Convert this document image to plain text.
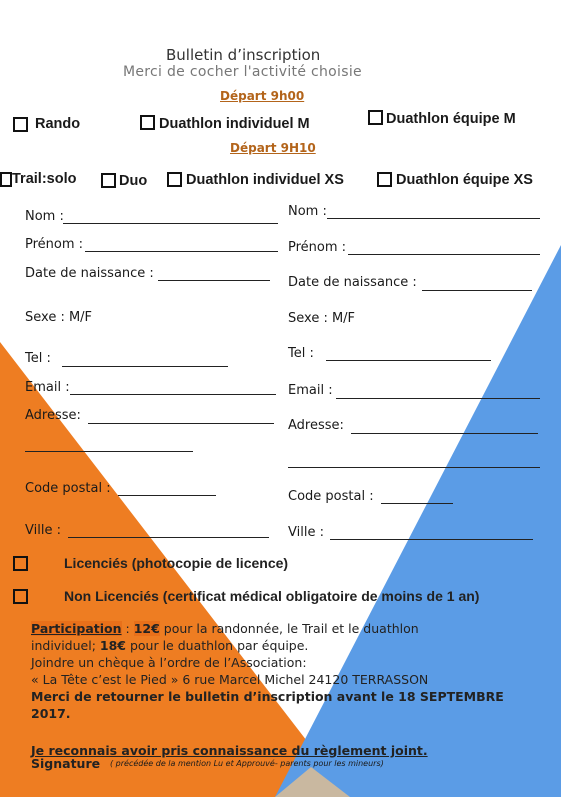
Bulletin d’inscription
Merci de cocher l'activité choisie
Départ 9h00
Rando	Duathlon individuel M	Duathlon équipe M
Départ 9H10
Trail:solo	Duo	Duathlon individuel XS	Duathlon équipe XS
Nom :
Prénom :
Date de naissance :
Sexe : M/F
Tel :
Email :
Adresse:
Code postal :
Ville :
Nom :
Prénom :
Date de naissance :
Sexe : M/F
Tel :
Email :
Adresse:
Code postal :
Ville :
Licenciés (photocopie de licence)
Non Licenciés (certificat médical obligatoire de moins de 1 an)
Participation : 12€ pour la randonnée, le Trail et le duathlon
individuel; 18€ pour le duathlon par équipe.
Joindre un chèque à l’ordre de l’Association:
« La Tête c’est le Pied » 6 rue Marcel Michel 24120 TERRASSON
Merci de retourner le bulletin d’inscription avant le 18 SEPTEMBRE
2017.
Je reconnais avoir pris connaissance du règlement joint.
Signature ( précédée de la mention Lu et Approuvé- parents pour les mineurs)
